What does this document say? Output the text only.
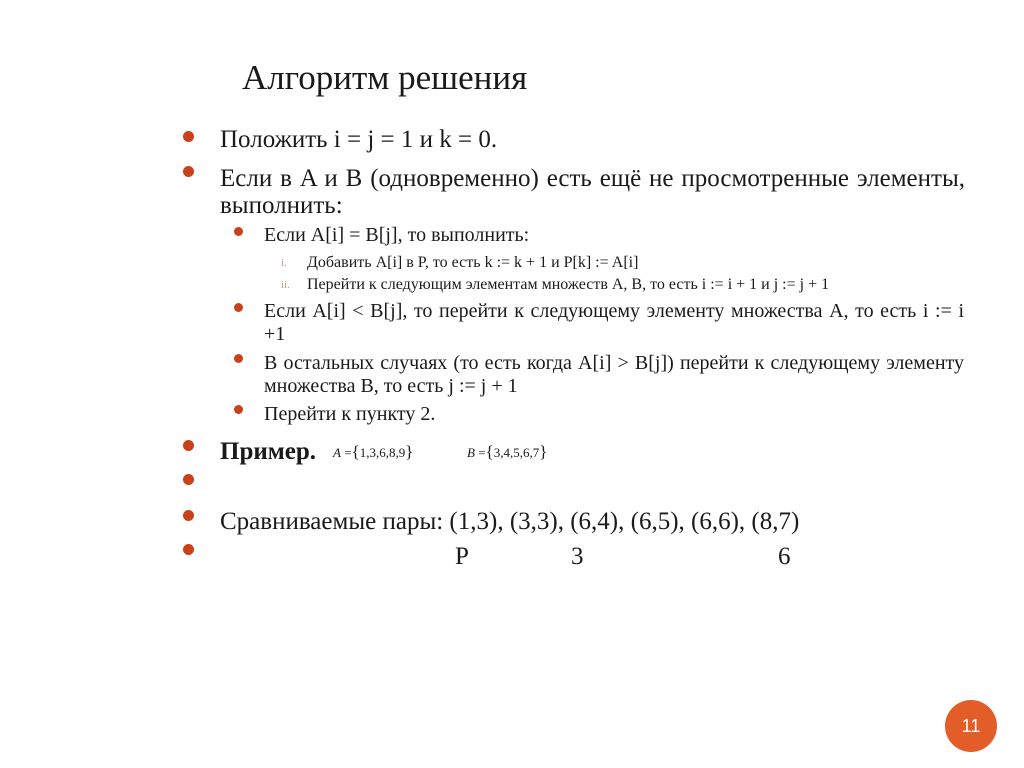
Алгоритм решения
Положить i = j = 1 и k = 0.
Если в A и B (одновременно) есть ещё не просмотренные элементы, выполнить:
Если A[i] = B[j], то выполнить:
i. Добавить A[i] в P, то есть k := k + 1 и P[k] := A[i]
ii. Перейти к следующим элементам множеств A, B, то есть i := i + 1 и j := j + 1
Если A[i] < B[j], то перейти к следующему элементу множества A, то есть i := i +1
В остальных случаях (то есть когда A[i] > B[j]) перейти к следующему элементу множества B, то есть j := j + 1
Перейти к пункту 2.
Пример. A ={1,3,6,8,9}	B ={3,4,5,6,7}
Сравниваемые пары: (1,3), (3,3), (6,4), (6,5), (6,6), (8,7)
P	3	6
11
